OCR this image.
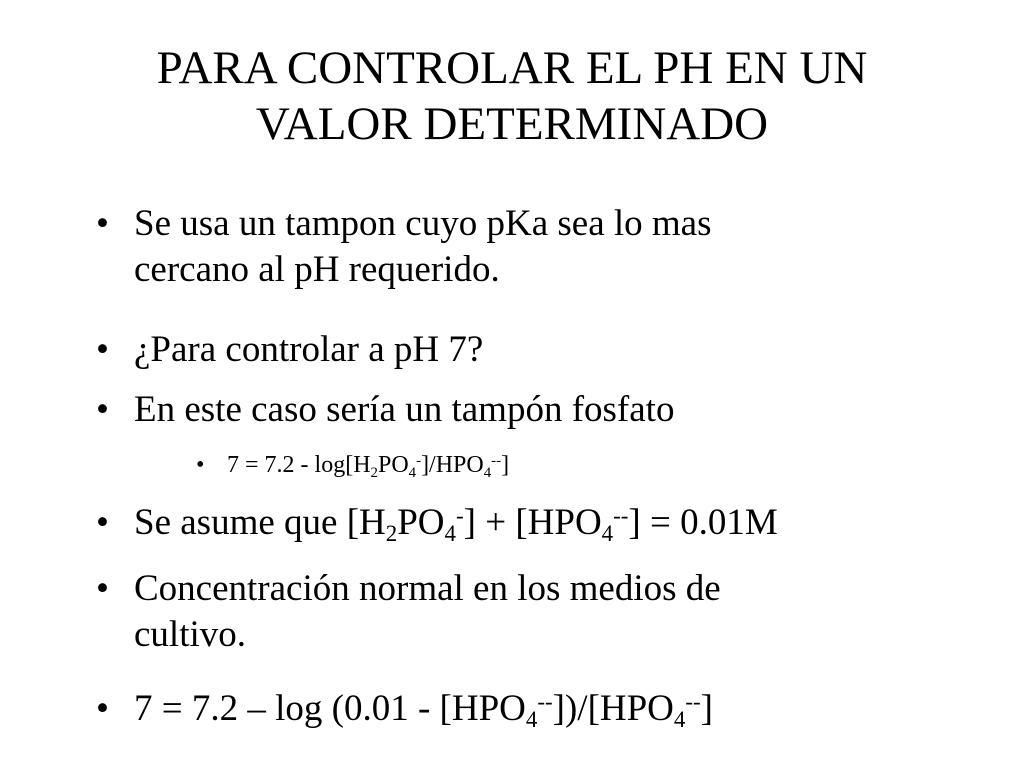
PARA CONTROLAR EL PH EN UN
VALOR DETERMINADO
• Se usa un tampon cuyo pKa sea lo mas
cercano al pH requerido.
• ¿Para controlar a pH 7?
• En este caso sería un tampón fosfato
• $7 = 7.2 - \log[H_2PO_4^-]/HPO_4^{--}$]
• Se asume que $[H_2PO_4^-] + [HPO_4^{--}] = 0.01M$
• Concentración normal en los medios de
cultivo.
• $7 = 7.2 - \log (0.01 - [HPO_4^{--}])/[HPO_4^{--}]$
